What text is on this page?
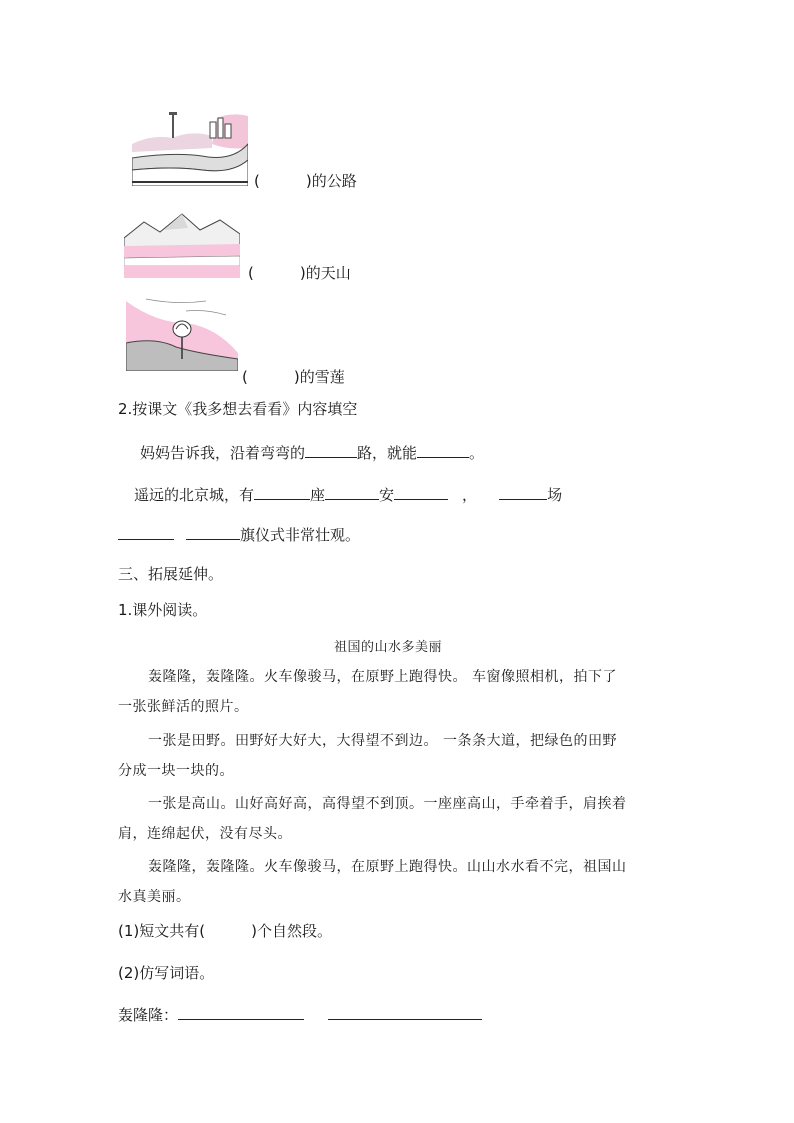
(	)的公路
(	)的天山
(	)的雪莲
2.按课文《我多想去看看》内容填空
妈妈告诉我，沿着弯弯的	路，就能	。
遥远的北京城，有	座	安	，	场
旗仪式非常壮观。
三、拓展延伸。
1.课外阅读。
祖国的山水多美丽
轰隆隆，轰隆隆。火车像骏马，在原野上跑得快。 车窗像照相机，拍下了
一张张鲜活的照片。
一张是田野。田野好大好大，大得望不到边。 一条条大道，把绿色的田野
分成一块一块的。
一张是高山。山好高好高，高得望不到顶。一座座高山，手牵着手，肩挨着
肩，连绵起伏，没有尽头。
轰隆隆，轰隆隆。火车像骏马，在原野上跑得快。山山水水看不完，祖国山
水真美丽。
(1)短文共有(	)个自然段。
(2)仿写词语。
轰隆隆：
